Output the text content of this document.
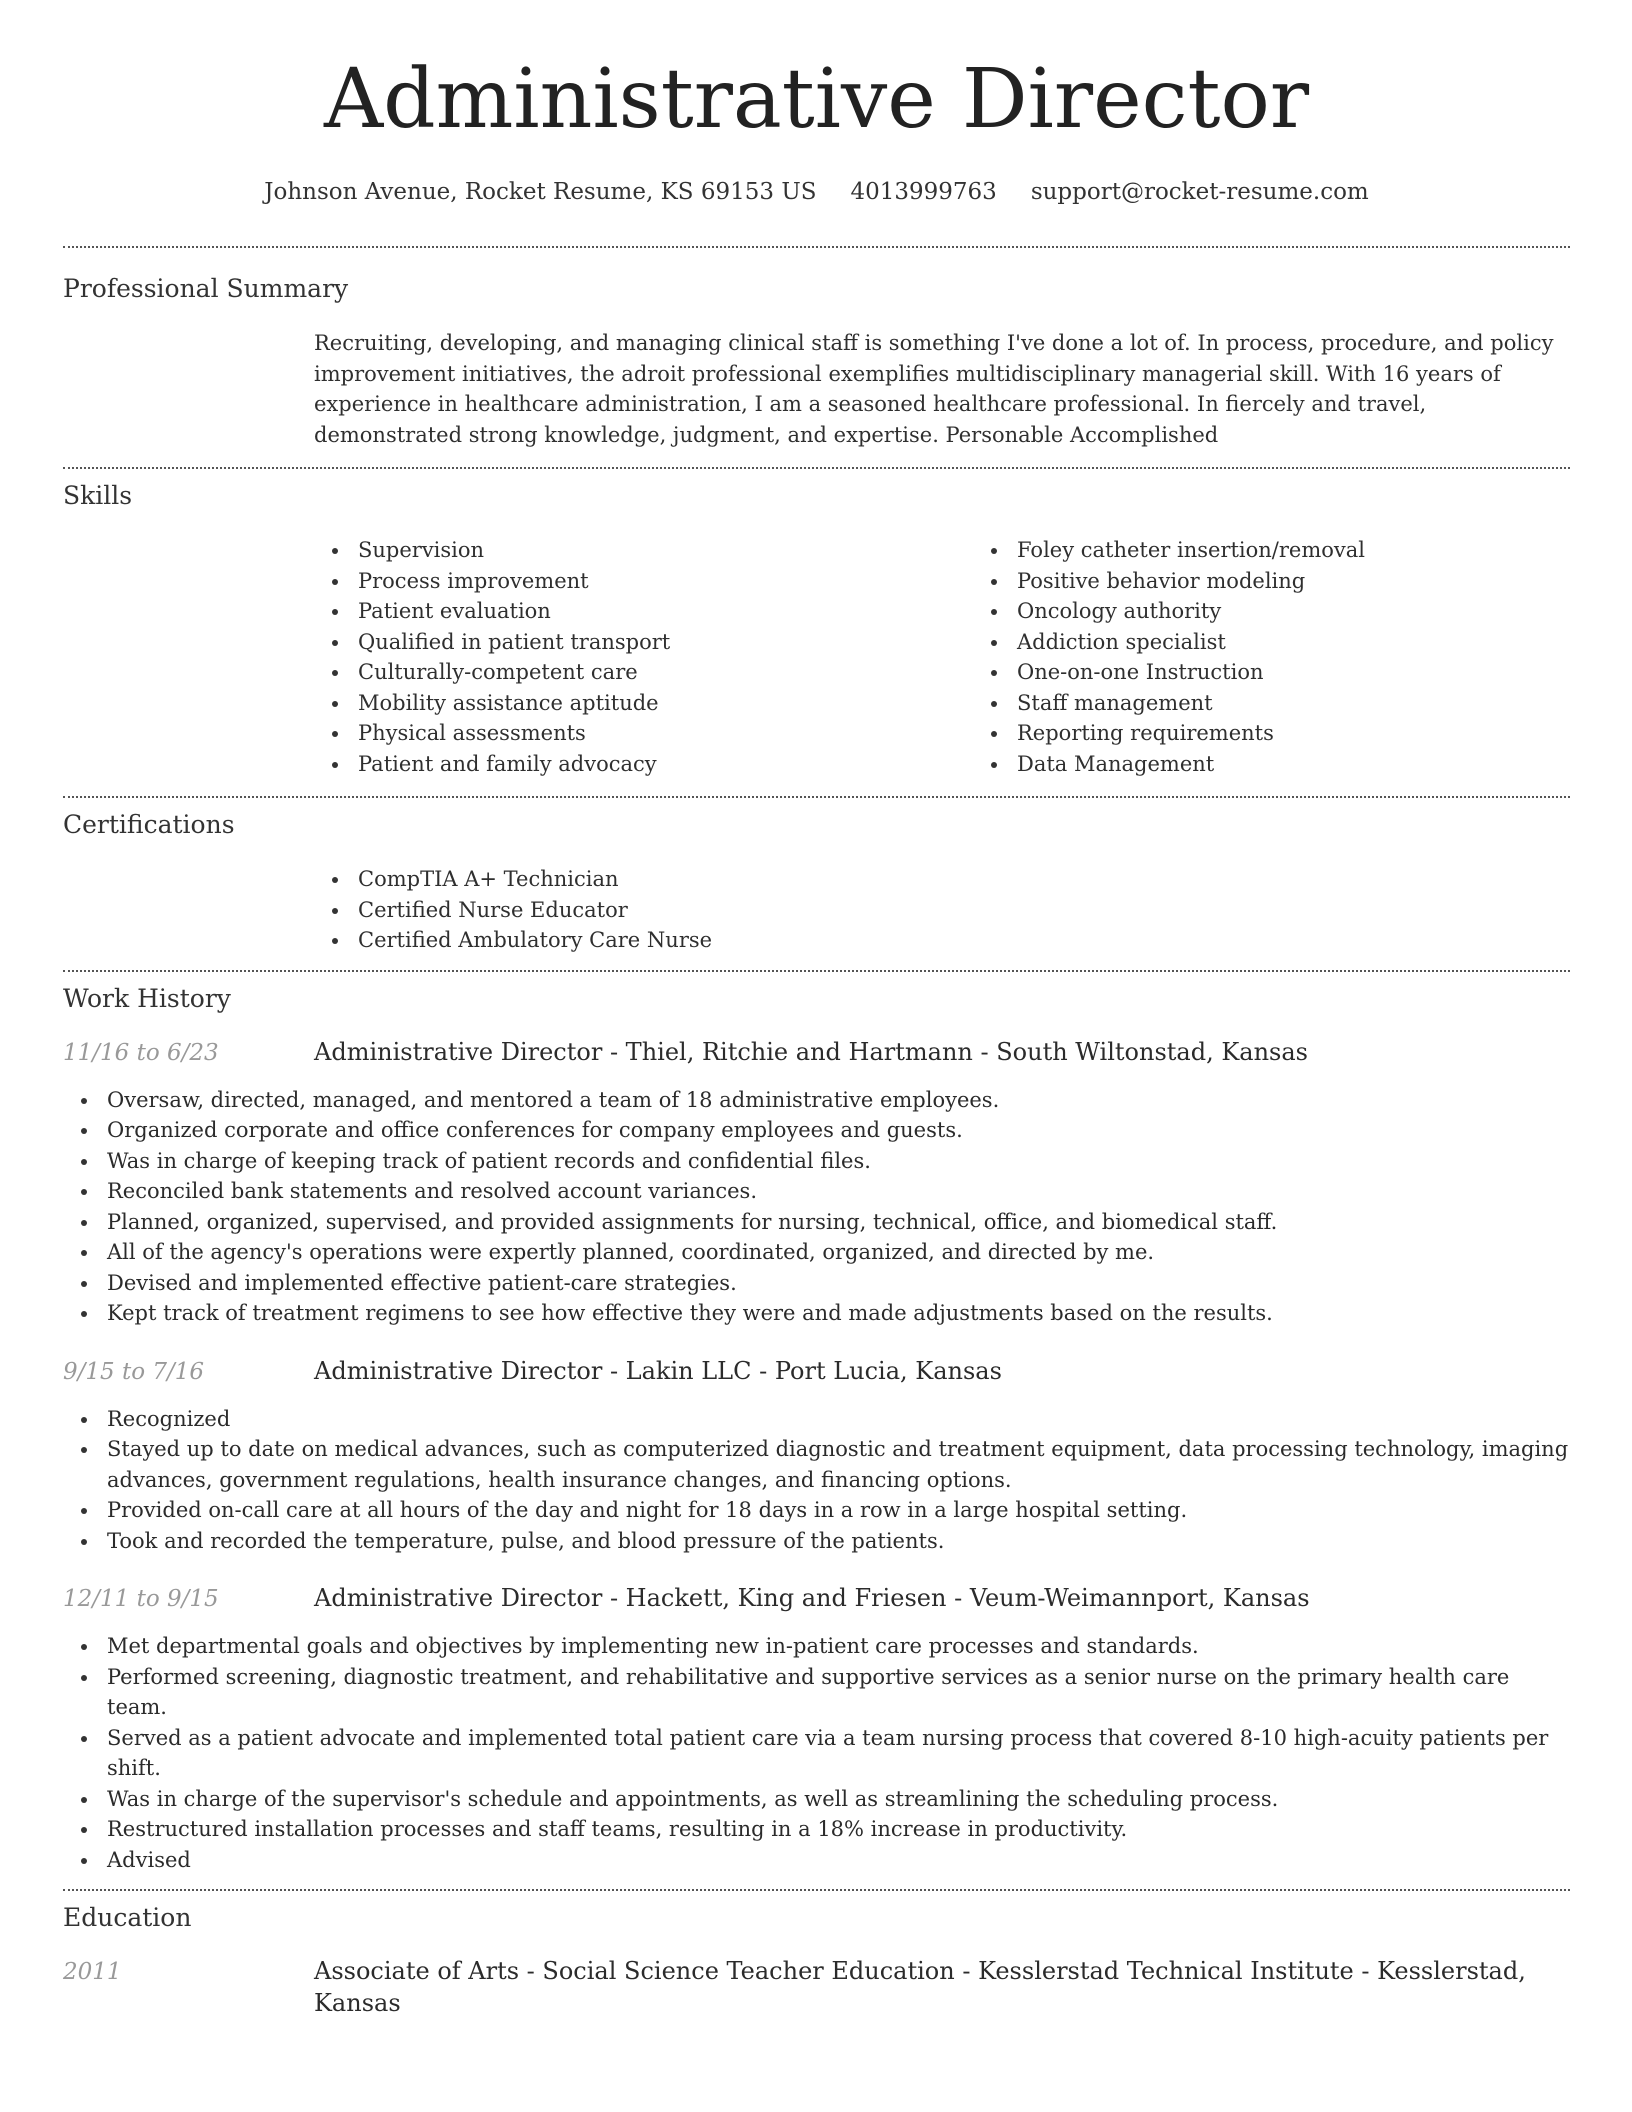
Administrative Director
Johnson Avenue, Rocket Resume, KS 69153 US 4013999763 support@rocket-resume.com
Professional Summary

Recruiting, developing, and managing clinical staff is something I've done a lot of. In process, procedure, and policy improvement initiatives, the adroit professional exemplifies multidisciplinary managerial skill. With 16 years of experience in healthcare administration, I am a seasoned healthcare professional. In fiercely and travel, demonstrated strong knowledge, judgment, and expertise. Personable Accomplished

Skills
Supervision
Process improvement
Patient evaluation
Qualified in patient transport
Culturally-competent care
Mobility assistance aptitude
Physical assessments
Patient and family advocacy
Foley catheter insertion/removal
Positive behavior modeling
Oncology authority
Addiction specialist
One-on-one Instruction
Staff management
Reporting requirements
Data Management
Certifications
CompTIA A+ Technician
Certified Nurse Educator
Certified Ambulatory Care Nurse
Work History
11/16 to 6/23	Administrative Director - Thiel, Ritchie and Hartmann - South Wiltonstad, Kansas
Oversaw, directed, managed, and mentored a team of 18 administrative employees.
Organized corporate and office conferences for company employees and guests.
Was in charge of keeping track of patient records and confidential files.
Reconciled bank statements and resolved account variances.
Planned, organized, supervised, and provided assignments for nursing, technical, office, and biomedical staff.
All of the agency's operations were expertly planned, coordinated, organized, and directed by me.
Devised and implemented effective patient-care strategies.
Kept track of treatment regimens to see how effective they were and made adjustments based on the results.
9/15 to 7/16	Administrative Director - Lakin LLC - Port Lucia, Kansas
Recognized
Stayed up to date on medical advances, such as computerized diagnostic and treatment equipment, data processing technology, imaging advances, government regulations, health insurance changes, and financing options.
Provided on-call care at all hours of the day and night for 18 days in a row in a large hospital setting.
Took and recorded the temperature, pulse, and blood pressure of the patients.
12/11 to 9/15	Administrative Director - Hackett, King and Friesen - Veum-Weimannport, Kansas
Met departmental goals and objectives by implementing new in-patient care processes and standards.
Performed screening, diagnostic treatment, and rehabilitative and supportive services as a senior nurse on the primary health care team.
Served as a patient advocate and implemented total patient care via a team nursing process that covered 8-10 high-acuity patients per shift.
Was in charge of the supervisor's schedule and appointments, as well as streamlining the scheduling process.
Restructured installation processes and staff teams, resulting in a 18% increase in productivity.
Advised
Education
2011	Associate of Arts - Social Science Teacher Education - Kesslerstad Technical Institute - Kesslerstad, Kansas
